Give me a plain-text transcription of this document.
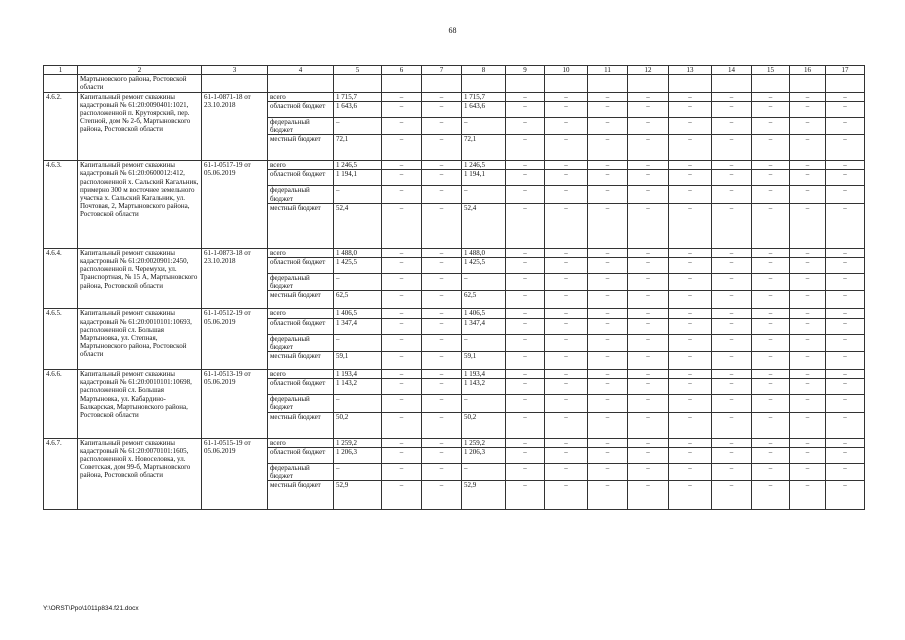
68
1	2	3	4	5	6	7	8	9	10	11	12	13	14	15	16	17
	Мартыновского района, Ростовской области															
4.6.2.	Капитальный ремонт скважины кадастровый № 61:20:0090401:1021, расположенной п. Крутоярский, пер. Степной, дом № 2-б, Мартыновского района, Ростовской области	61-1-0871-18 от 23.10.2018	всего	1 715,7	–	–	1 715,7	–	–	–	–	–	–	–	–	–
			областной бюджет	1 643,6	–	–	1 643,6	–	–	–	–	–	–	–	–	–
			федеральный бюджет	–	–	–	–	–	–	–	–	–	–	–	–	–
			местный бюджет	72,1	–	–	72,1	–	–	–	–	–	–	–	–	–
4.6.3.	Капитальный ремонт скважины кадастровый № 61:20:0600012:412, расположенной х. Сальский Кагальник, примерно 300 м восточнее земельного участка х. Сальский Кагальник, ул. Почтовая, 2, Мартыновского района, Ростовской области	61-1-0517-19 от 05.06.2019	всего	1 246,5	–	–	1 246,5	–	–	–	–	–	–	–	–	–
			областной бюджет	1 194,1	–	–	1 194,1	–	–	–	–	–	–	–	–	–
			федеральный бюджет	–	–	–	–	–	–	–	–	–	–	–	–	–
			местный бюджет	52,4	–	–	52,4	–	–	–	–	–	–	–	–	–
4.6.4.	Капитальный ремонт скважины кадастровый № 61:20:0020901:2450, расположенной п. Черемухи, ул. Транспортная, № 15 А, Мартыновского района, Ростовской области	61-1-0873-18 от 23.10.2018	всего	1 488,0	–	–	1 488,0	–	–	–	–	–	–	–	–	–
			областной бюджет	1 425,5	–	–	1 425,5	–	–	–	–	–	–	–	–	–
			федеральный бюджет	–	–	–	–	–	–	–	–	–	–	–	–	–
			местный бюджет	62,5	–	–	62,5	–	–	–	–	–	–	–	–	–
4.6.5.	Капитальный ремонт скважины кадастровый № 61:20:0010101:10693, расположенной сл. Большая Мартыновка, ул. Степная, Мартыновского района, Ростовской области	61-1-0512-19 от 05.06.2019	всего	1 406,5	–	–	1 406,5	–	–	–	–	–	–	–	–	–
			областной бюджет	1 347,4	–	–	1 347,4	–	–	–	–	–	–	–	–	–
			федеральный бюджет	–	–	–	–	–	–	–	–	–	–	–	–	–
			местный бюджет	59,1	–	–	59,1	–	–	–	–	–	–	–	–	–
4.6.6.	Капитальный ремонт скважины кадастровый № 61:20:0010101:10698, расположенной сл. Большая Мартыновка, ул. Кабардино-Балкарская, Мартыновского района, Ростовской области	61-1-0513-19 от 05.06.2019	всего	1 193,4	–	–	1 193,4	–	–	–	–	–	–	–	–	–
			областной бюджет	1 143,2	–	–	1 143,2	–	–	–	–	–	–	–	–	–
			федеральный бюджет	–	–	–	–	–	–	–	–	–	–	–	–	–
			местный бюджет	50,2	–	–	50,2	–	–	–	–	–	–	–	–	–
4.6.7.	Капитальный ремонт скважины кадастровый № 61:20:0070101:1605, расположенной х. Новоселовка, ул. Советская, дом 99-б, Мартыновского района, Ростовской области	61-1-0515-19 от 05.06.2019	всего	1 259,2	–	–	1 259,2	–	–	–	–	–	–	–	–	–
			областной бюджет	1 206,3	–	–	1 206,3	–	–	–	–	–	–	–	–	–
			федеральный бюджет	–	–	–	–	–	–	–	–	–	–	–	–	–
			местный бюджет	52,9	–	–	52,9	–	–	–	–	–	–	–	–	–
Y:\ORST\Ppo\1011p834.f21.docx
